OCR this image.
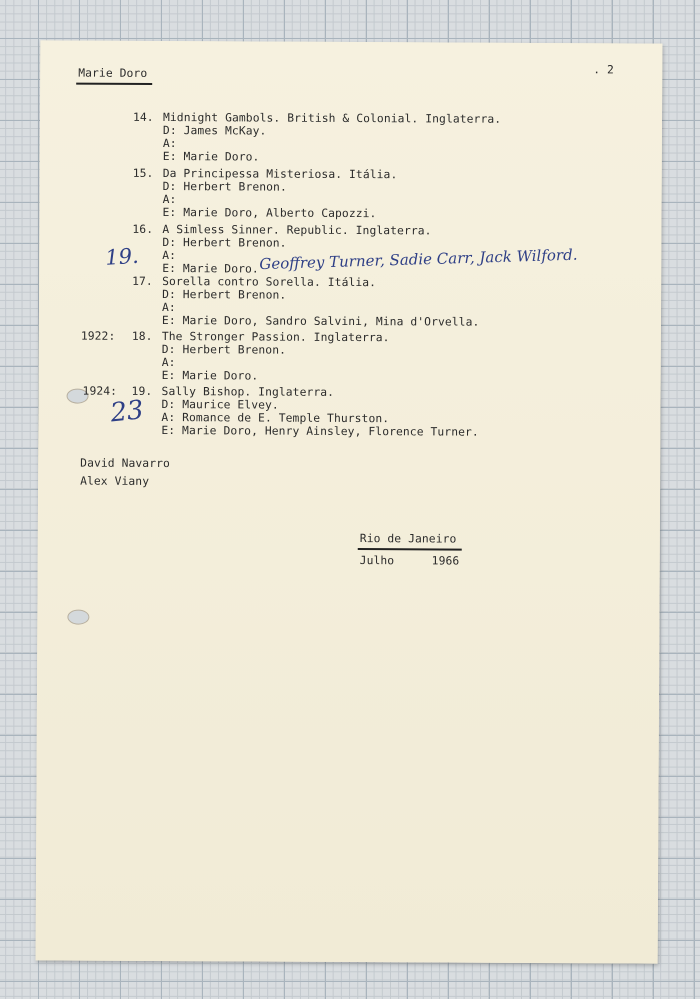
Marie Doro	. 2
14. Midnight Gambols. British & Colonial. Inglaterra.
D: James McKay.
A:
E: Marie Doro.
15. Da Principessa Misteriosa. Itália.
D: Herbert Brenon.
A:
E: Marie Doro, Alberto Capozzi.
16. A Simless Sinner. Republic. Inglaterra.
D: Herbert Brenon.
A:
E: Marie Doro.
19.	Geoffrey Turner, Sadie Carr, Jack Wilford.
17. Sorella contro Sorella. Itália.
D: Herbert Brenon.
A:
E: Marie Doro, Sandro Salvini, Mina d'Orvella.
1922: 18. The Stronger Passion. Inglaterra.
D: Herbert Brenon.
A:
E: Marie Doro.
1924: 19. Sally Bishop. Inglaterra.
D: Maurice Elvey.
A: Romance de E. Temple Thurston.
E: Marie Doro, Henry Ainsley, Florence Turner.
23
David Navarro
Alex Viany
Rio de Janeiro
Julho	1966
